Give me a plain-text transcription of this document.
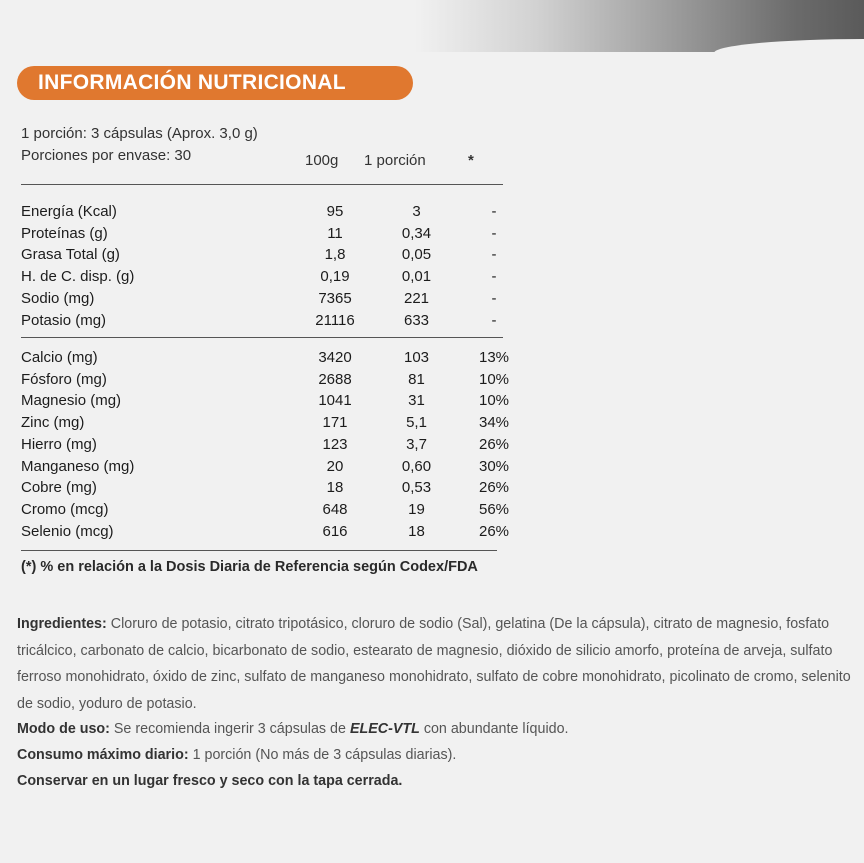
INFORMACIÓN NUTRICIONAL
1 porción: 3 cápsulas (Aprox. 3,0 g)
Porciones por envase: 30	100g 1 porción	*
Energía (Kcal)	95	3	-
Proteínas (g)	11	0,34	-
Grasa Total (g)	1,8	0,05	-
H. de C. disp. (g)	0,19	0,01	-
Sodio (mg)	7365	221	-
Potasio (mg)	21116	633	-
Calcio (mg)	3420	103	13%
Fósforo (mg)	2688	81	10%
Magnesio (mg)	1041	31	10%
Zinc (mg)	171	5,1	34%
Hierro (mg)	123	3,7	26%
Manganeso (mg)	20	0,60	30%
Cobre (mg)	18	0,53	26%
Cromo (mcg)	648	19	56%
Selenio (mcg)	616	18	26%
(*) % en relación a la Dosis Diaria de Referencia según Codex/FDA
Ingredientes: Cloruro de potasio, citrato tripotásico, cloruro de sodio (Sal), gelatina (De la cápsula), citrato de magnesio, fosfato tricálcico, carbonato de calcio, bicarbonato de sodio, estearato de magnesio, dióxido de silicio amorfo, proteína de arveja, sulfato ferroso monohidrato, óxido de zinc, sulfato de manganeso monohidrato, sulfato de cobre monohidrato, picolinato de cromo, selenito de sodio, yoduro de potasio.
Modo de uso: Se recomienda ingerir 3 cápsulas de ELEC-VTL con abundante líquido.
Consumo máximo diario: 1 porción (No más de 3 cápsulas diarias).
Conservar en un lugar fresco y seco con la tapa cerrada.
